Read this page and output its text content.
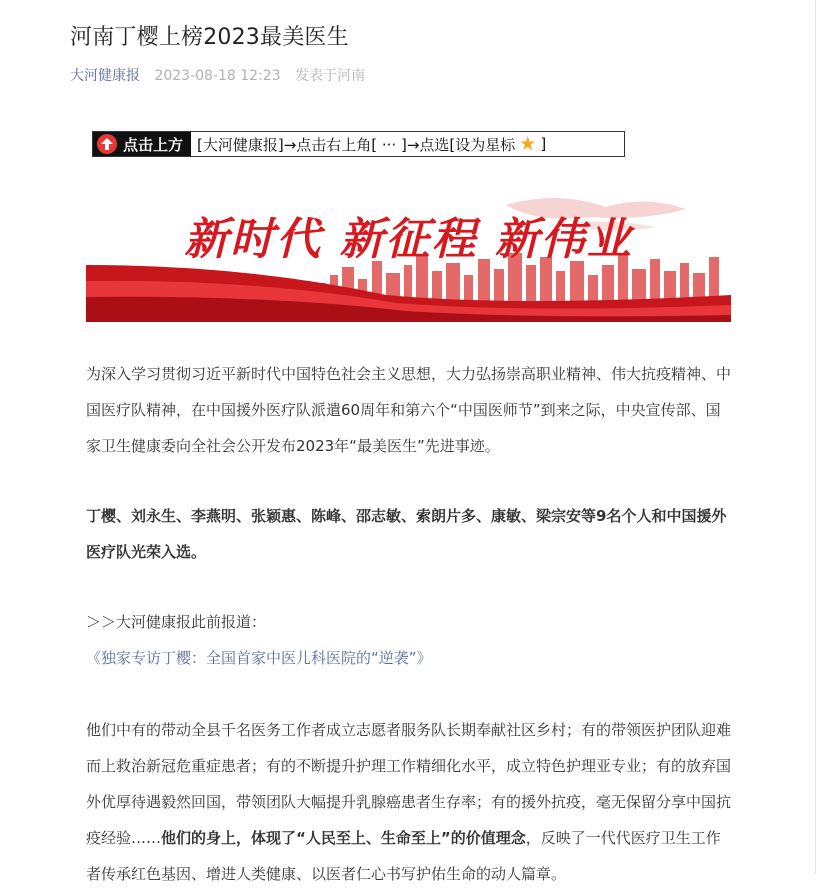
河南丁樱上榜2023最美医生
大河健康报 2023-08-18 12:23 发表于河南
点击上方 [大河健康报]→点击右上角[ ··· ]→点选[设为星标 ★ ]
新时代 新征程 新伟业

为深入学习贯彻习近平新时代中国特色社会主义思想，大力弘扬崇高职业精神、伟大抗疫精神、中国医疗队精神，在中国援外医疗队派遣60周年和第六个“中国医师节”到来之际，中央宣传部、国家卫生健康委向全社会公开发布2023年“最美医生”先进事迹。

丁樱、刘永生、李燕明、张颖惠、陈峰、邵志敏、索朗片多、康敏、梁宗安等9名个人和中国援外医疗队光荣入选。

＞＞大河健康报此前报道：
《独家专访丁樱：全国首家中医儿科医院的“逆袭”》

他们中有的带动全县千名医务工作者成立志愿者服务队长期奉献社区乡村；有的带领医护团队迎难而上救治新冠危重症患者；有的不断提升护理工作精细化水平，成立特色护理亚专业；有的放弃国外优厚待遇毅然回国，带领团队大幅提升乳腺癌患者生存率；有的援外抗疫，毫无保留分享中国抗疫经验……他们的身上，体现了“人民至上、生命至上”的价值理念，反映了一代代医疗卫生工作者传承红色基因、增进人类健康、以医者仁心书写护佑生命的动人篇章。
